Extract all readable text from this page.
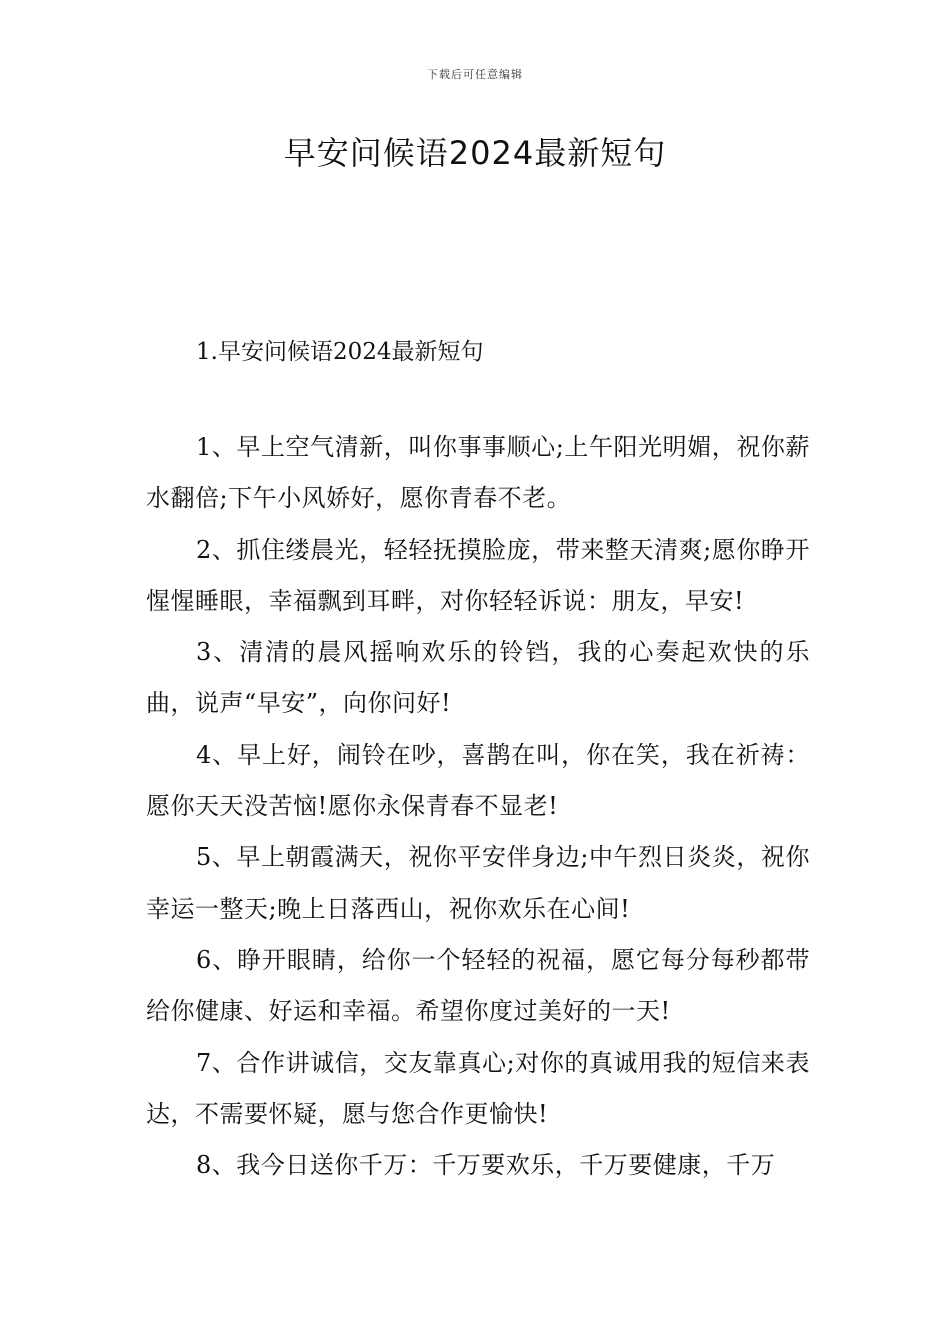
下载后可任意编辑
早安问候语2024最新短句
1.早安问候语2024最新短句

1、早上空气清新，叫你事事顺心;上午阳光明媚，祝你薪水翻倍;下午小风娇好，愿你青春不老。

2、抓住缕晨光，轻轻抚摸脸庞，带来整天清爽;愿你睁开惺惺睡眼，幸福飘到耳畔，对你轻轻诉说：朋友，早安!

3、清清的晨风摇响欢乐的铃铛，我的心奏起欢快的乐曲，说声“早安”，向你问好!

4、早上好，闹铃在吵，喜鹊在叫，你在笑，我在祈祷：愿你天天没苦恼!愿你永保青春不显老!

5、早上朝霞满天，祝你平安伴身边;中午烈日炎炎，祝你幸运一整天;晚上日落西山，祝你欢乐在心间!

6、睁开眼睛，给你一个轻轻的祝福，愿它每分每秒都带给你健康、好运和幸福。希望你度过美好的一天!

7、合作讲诚信，交友靠真心;对你的真诚用我的短信来表达，不需要怀疑，愿与您合作更愉快!

8、我今日送你千万：千万要欢乐，千万要健康，千万
